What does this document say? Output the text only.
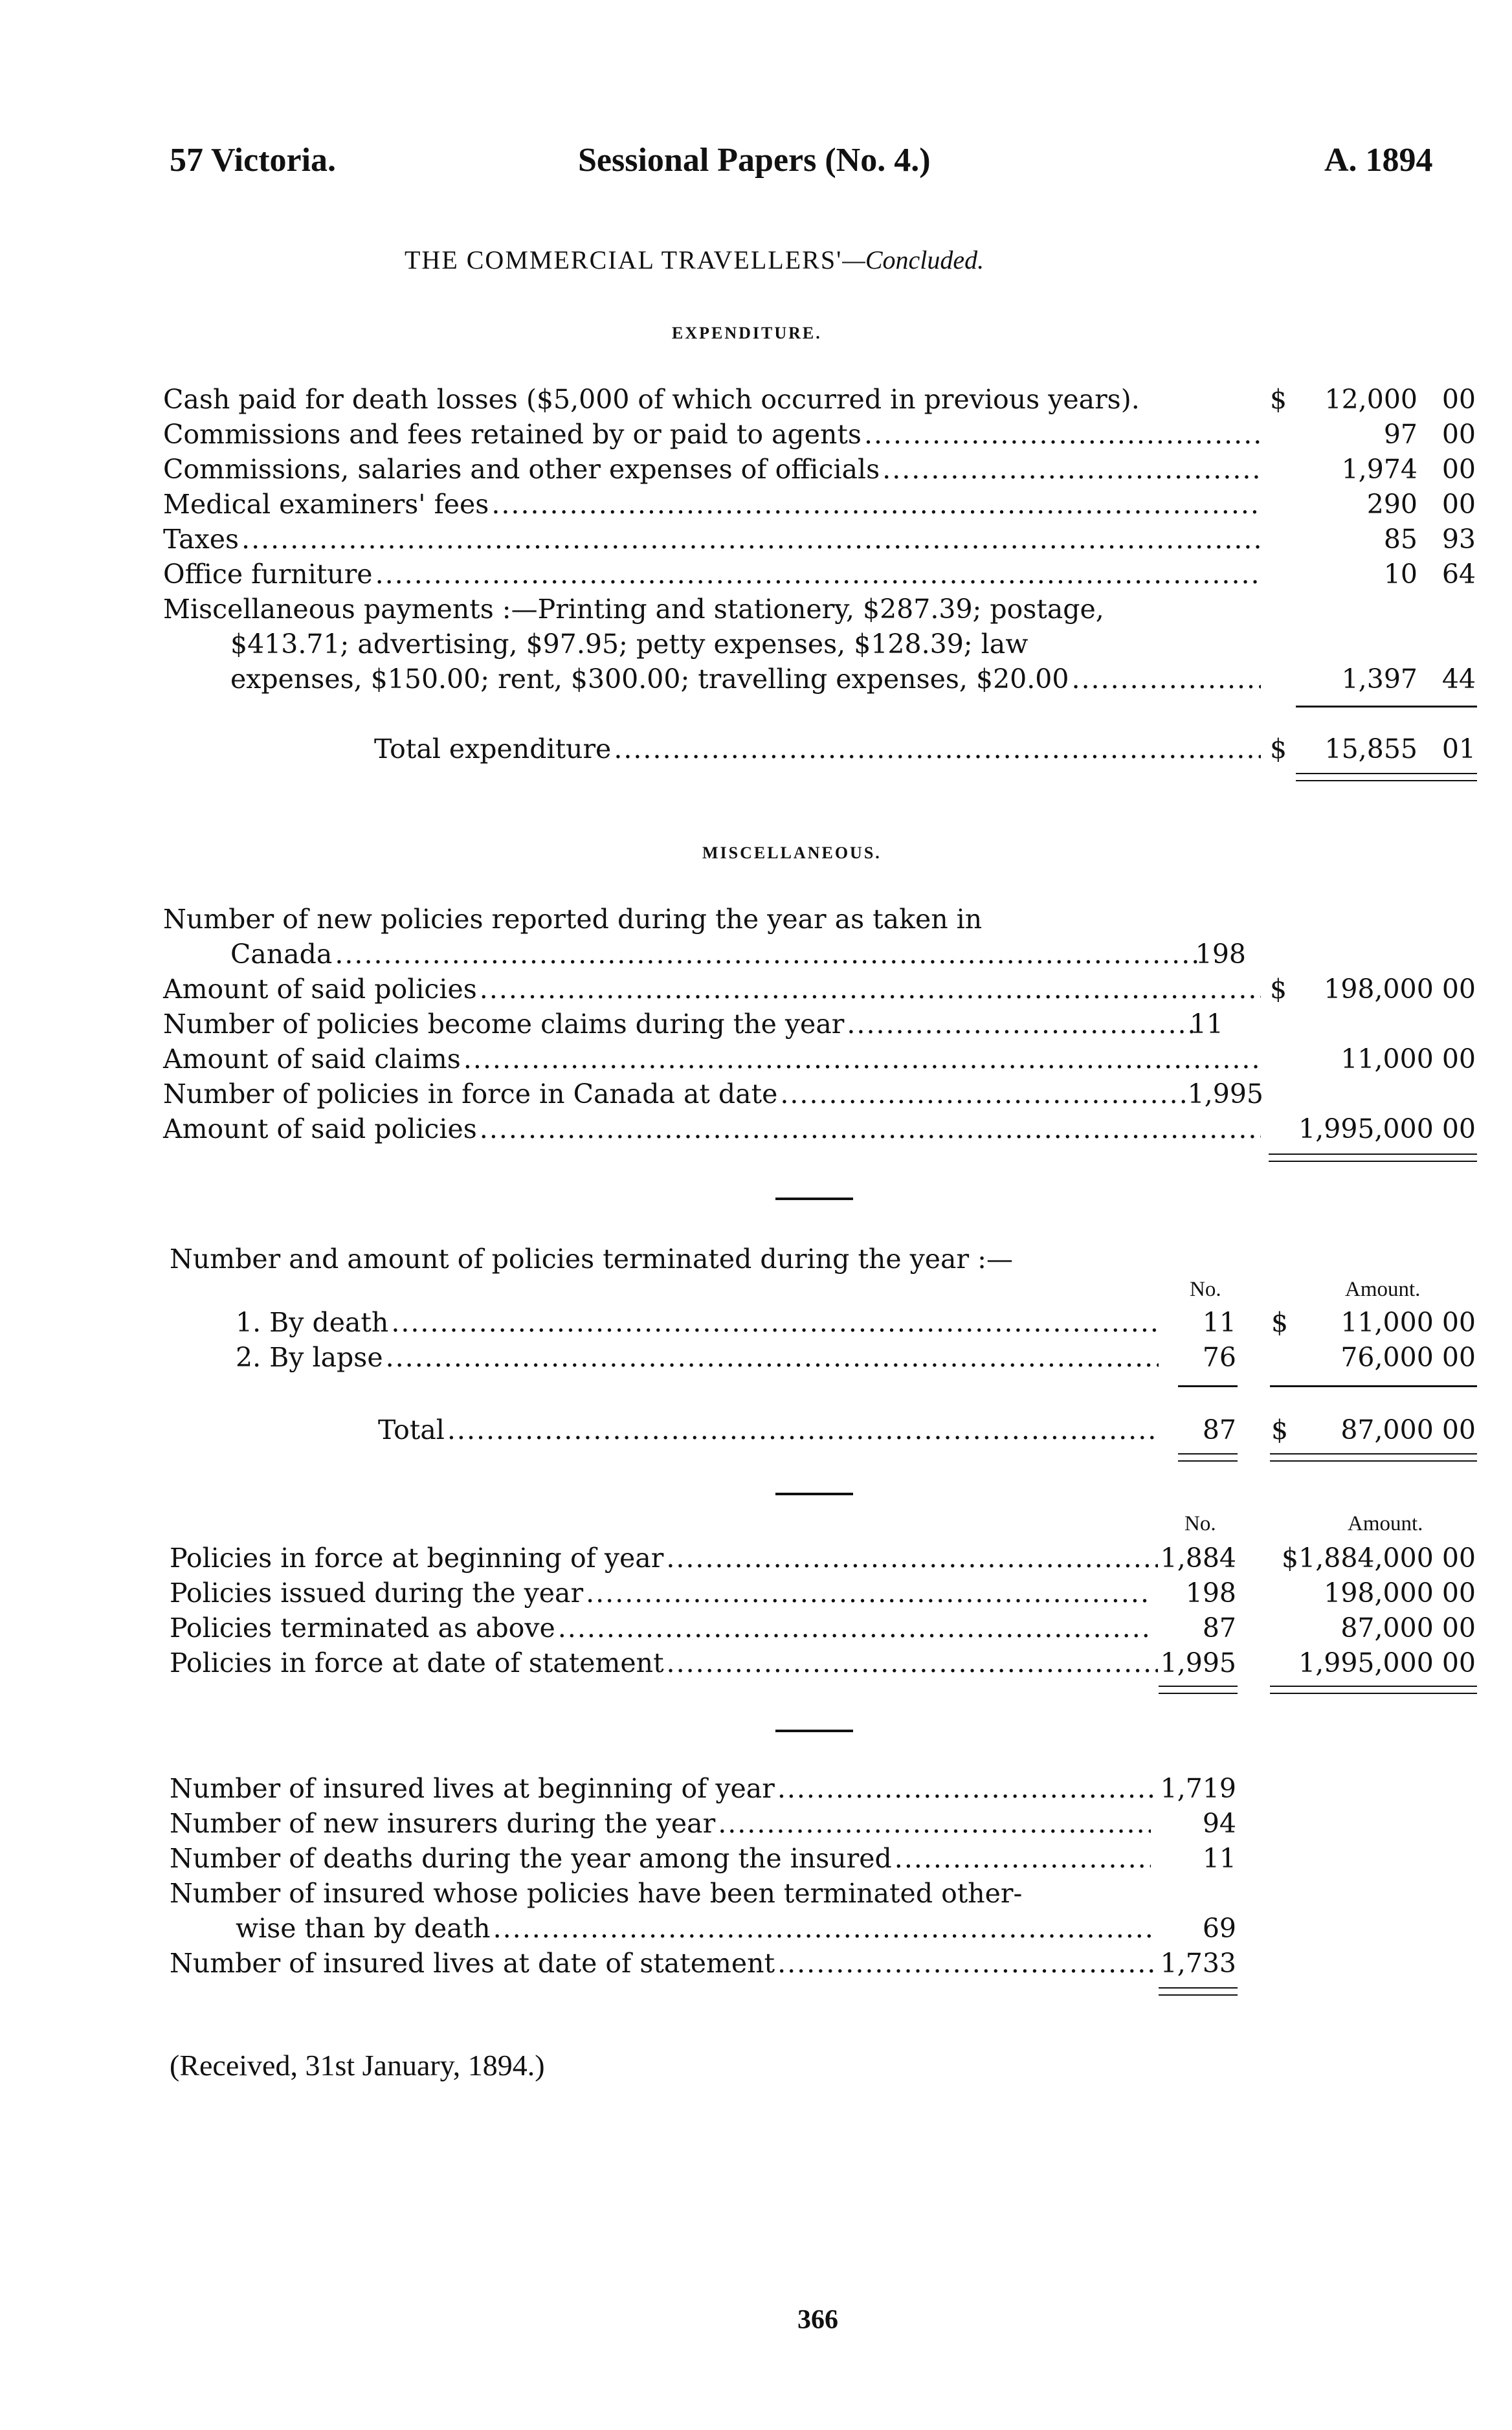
57 Victoria.	Sessional Papers (No. 4.)	A. 1894
THE COMMERCIAL TRAVELLERS'—Concluded.
EXPENDITURE.
Cash paid for death losses ($5,000 of which occurred in previous years).	$	12,000 00
Commissions and fees retained by or paid to agents .....	97 00
Commissions, salaries and other expenses of officials .....	1,974 00
Medical examiners' fees .....	290 00
Taxes .....	85 93
Office furniture .....	10 64
Miscellaneous payments :—Printing and stationery, $287.39; postage,
$413.71; advertising, $97.95; petty expenses, $128.39; law
expenses, $150.00; rent, $300.00; travelling expenses, $20.00 .....	1,397 44
Total expenditure .....	$	15,855 01
MISCELLANEOUS.
Number of new policies reported during the year as taken in
Canada .....	198
Amount of said policies .....	$	198,000 00
Number of policies become claims during the year .....	11
Amount of said claims .....	11,000 00
Number of policies in force in Canada at date .....	1,995
Amount of said policies .....	1,995,000 00
Number and amount of policies terminated during the year :—
No.	Amount.
1. By death .....	11 $	11,000 00
2. By lapse .....	76	76,000 00
Total .....	87 $	87,000 00
No.	Amount.
Policies in force at beginning of year .....	1,884	$1,884,000 00
Policies issued during the year .....	198	198,000 00
Policies terminated as above .....	87	87,000 00
Policies in force at date of statement .....	1,995	1,995,000 00
Number of insured lives at beginning of year .....	1,719
Number of new insurers during the year .....	94
Number of deaths during the year among the insured .....	11
Number of insured whose policies have been terminated other-
wise than by death .....	69
Number of insured lives at date of statement .....	1,733
(Received, 31st January, 1894.)
366
